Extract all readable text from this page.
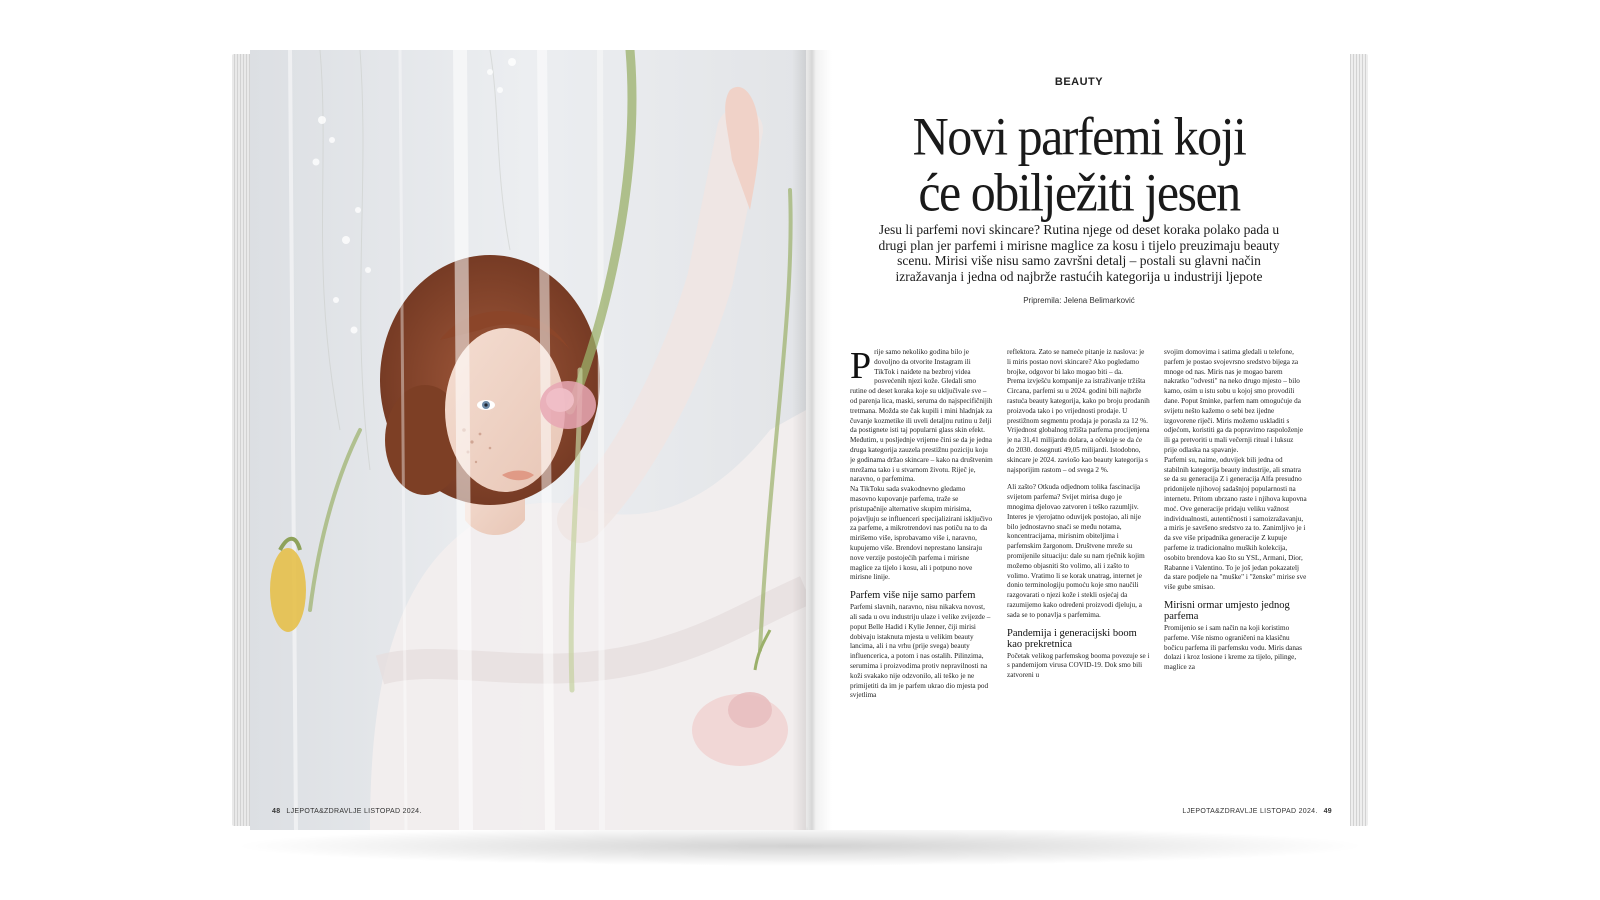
48 LJEPOTA&ZDRAVLJE LISTOPAD 2024.
BEAUTY
Novi parfemi koji
će obilježiti jesen
Jesu li parfemi novi skincare? Rutina njege od deset koraka polako pada u drugi plan jer parfemi i mirisne maglice za kosu i tijelo preuzimaju beauty scenu. Mirisi više nisu samo završni detalj – postali su glavni način izražavanja i jedna od najbrže rastućih kategorija u industriji ljepote
Pripremila: Jelena Belimarković
P rije samo nekoliko godina bilo je dovoljno da otvorite Instagram ili TikTok i naiđete na bezbroj videa posvećenih njezi kože. Gledali smo rutine od deset koraka koje su uključivale sve – od parenja lica, maski, seruma do najspecifičnijih tretmana. Možda ste čak kupili i mini hladnjak za čuvanje kozmetike ili uveli detaljnu rutinu u želji da postignete isti taj popularni glass skin efekt. Međutim, u posljednje vrijeme čini se da je jedna druga kategorija zauzela prestižnu poziciju koju je godinama držao skincare – kako na društvenim mrežama tako i u stvarnom životu. Riječ je, naravno, o parfemima.

Na TikToku sada svakodnevno gledamo masovno kupovanje parfema, traže se pristupačnije alternative skupim mirisima, pojavljuju se influenceri specijalizirani isključivo za parfeme, a mikrotrendovi nas potiču na to da mirišemo više, isprobavamo više i, naravno, kupujemo više. Brendovi neprestano lansiraju nove verzije postojećih parfema i mirisne maglice za tijelo i kosu, ali i potpuno nove mirisne linije.

Parfem više nije samo parfem

Parfemi slavnih, naravno, nisu nikakva novost, ali sada u ovu industriju ulaze i velike zvijezde – poput Belle Hadid i Kylie Jenner, čiji mirisi dobivaju istaknuta mjesta u velikim beauty lancima, ali i na vrhu (prije svega) beauty influencerica, a potom i nas ostalih. Pilinzima, serumima i proizvodima protiv nepravilnosti na koži svakako nije odzvonilo, ali teško je ne primijetiti da im je parfem ukrao dio mjesta pod svjetlima

reflektora. Zato se nameće pitanje iz naslova: je li miris postao novi skincare? Ako pogledamo brojke, odgovor bi lako mogao biti – da.

Prema izvješću kompanije za istraživanje tržišta Circana, parfemi su u 2024. godini bili najbrže rastuća beauty kategorija, kako po broju prodanih proizvoda tako i po vrijednosti prodaje. U prestižnom segmentu prodaja je porasla za 12 %. Vrijednost globalnog tržišta parfema procijenjena je na 31,41 milijardu dolara, a očekuje se da će do 2030. dosegnuti 49,05 milijardi. Istodobno, skincare je 2024. zaviošo kao beauty kategorija s najsporijim rastom – od svega 2 %.

Ali zašto? Otkuda odjednom tolika fascinacija svijetom parfema? Svijet mirisa dugo je mnogima djelovao zatvoren i teško razumljiv. Interes je vjerojatno oduvijek postojao, ali nije bilo jednostavno snaći se među notama, koncentracijama, mirisnim obiteljima i parfemskim žargonom. Društvene mreže su promijenile situaciju: dale su nam rječnik kojim možemo objasniti što volimo, ali i zašto to volimo. Vratimo li se korak unatrag, internet je donio terminologiju pomoću koje smo naučili razgovarati o njezi kože i stekli osjećaj da razumijemo kako određeni proizvodi djeluju, a sada se to ponavlja s parfemima.

Pandemija i generacijski boom kao prekretnica

Početak velikog parfemskog booma povezuje se i s pandemijom virusa COVID-19. Dok smo bili zatvoreni u

svojim domovima i satima gledali u telefone, parfem je postao svojevrsno sredstvo bijega za mnoge od nas. Miris nas je mogao barem nakratko "odvesti" na neko drugo mjesto – bilo kamo, osim u istu sobu u kojoj smo provodili dane. Poput šminke, parfem nam omogućuje da svijetu nešto kažemo o sebi bez ijedne izgovorene riječi. Miris možemo uskladiti s odjećom, koristiti ga da popravimo raspoloženje ili ga pretvoriti u mali večernji ritual i luksuz prije odlaska na spavanje.

Parfemi su, naime, oduvijek bili jedna od stabilnih kategorija beauty industrije, ali smatra se da su generacija Z i generacija Alfa presudno pridonijele njihovoj sadašnjoj popularnosti na internetu. Pritom ubrzano raste i njihova kupovna moć. Ove generacije pridaju veliku važnost individualnosti, autentičnosti i samoizražavanju, a miris je savršeno sredstvo za to. Zanimljivo je i da sve više pripadnika generacije Z kupuje parfeme iz tradicionalno muških kolekcija, osobito brendova kao što su YSL, Armani, Dior, Rabanne i Valentino. To je još jedan pokazatelj da stare podjele na "muške" i "ženske" mirise sve više gube smisao.

Mirisni ormar umjesto jednog parfema

Promijenio se i sam način na koji koristimo parfeme. Više nismo ograničeni na klasičnu bočicu parfema ili parfemsku vodu. Miris danas dolazi i kroz losione i kreme za tijelo, pilinge, maglice za

LJEPOTA&ZDRAVLJE LISTOPAD 2024. 49
